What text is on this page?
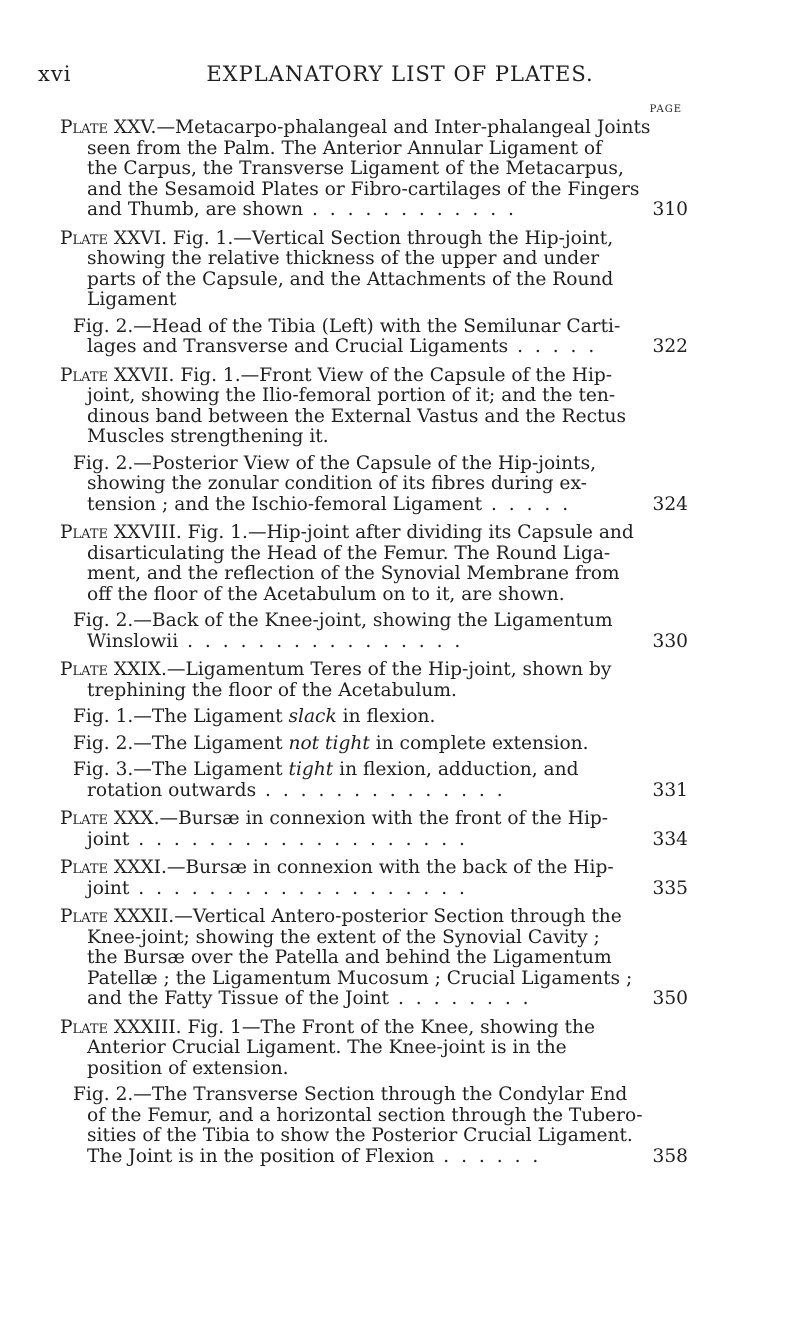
xvi	EXPLANATORY LIST OF PLATES.
PAGE
Plate XXV.—Metacarpo-phalangeal and Inter-phalangeal Joints
seen from the Palm. The Anterior Annular Ligament of
the Carpus, the Transverse Ligament of the Metacarpus,
and the Sesamoid Plates or Fibro-cartilages of the Fingers
and Thumb, are shown . . . . . . . . . . . .	310
Plate XXVI. Fig. 1.—Vertical Section through the Hip-joint,
showing the relative thickness of the upper and under
parts of the Capsule, and the Attachments of the Round
Ligament
Fig. 2.—Head of the Tibia (Left) with the Semilunar Carti-
lages and Transverse and Crucial Ligaments . . . . .	322
Plate XXVII. Fig. 1.—Front View of the Capsule of the Hip-
joint, showing the Ilio-femoral portion of it; and the ten-
dinous band between the External Vastus and the Rectus
Muscles strengthening it.
Fig. 2.—Posterior View of the Capsule of the Hip-joints,
showing the zonular condition of its fibres during ex-
tension ; and the Ischio-femoral Ligament . . . . .	324
Plate XXVIII. Fig. 1.—Hip-joint after dividing its Capsule and
disarticulating the Head of the Femur. The Round Liga-
ment, and the reflection of the Synovial Membrane from
off the floor of the Acetabulum on to it, are shown.
Fig. 2.—Back of the Knee-joint, showing the Ligamentum
Winslowii . . . . . . . . . . . . . . . .	330
Plate XXIX.—Ligamentum Teres of the Hip-joint, shown by
trephining the floor of the Acetabulum.
Fig. 1.—The Ligament slack in flexion.
Fig. 2.—The Ligament not tight in complete extension.
Fig. 3.—The Ligament tight in flexion, adduction, and
rotation outwards . . . . . . . . . . . . . .	331
Plate XXX.—Bursæ in connexion with the front of the Hip-
joint . . . . . . . . . . . . . . . . . . .	334
Plate XXXI.—Bursæ in connexion with the back of the Hip-
joint . . . . . . . . . . . . . . . . . . .	335
Plate XXXII.—Vertical Antero-posterior Section through the
Knee-joint; showing the extent of the Synovial Cavity ;
the Bursæ over the Patella and behind the Ligamentum
Patellæ ; the Ligamentum Mucosum ; Crucial Ligaments ;
and the Fatty Tissue of the Joint . . . . . . . .	350
Plate XXXIII. Fig. 1—The Front of the Knee, showing the
Anterior Crucial Ligament. The Knee-joint is in the
position of extension.
Fig. 2.—The Transverse Section through the Condylar End
of the Femur, and a horizontal section through the Tubero-
sities of the Tibia to show the Posterior Crucial Ligament.
The Joint is in the position of Flexion . . . . . .	358
